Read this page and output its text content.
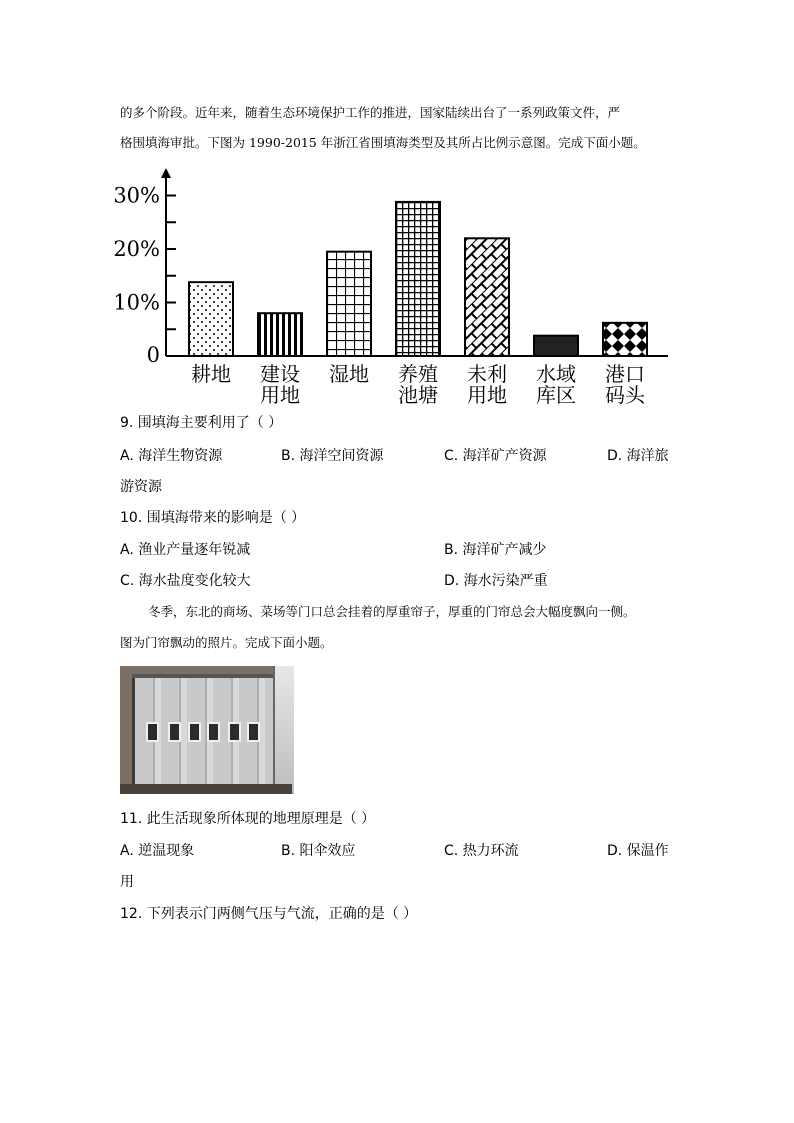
的多个阶段。近年来，随着生态环境保护工作的推进，国家陆续出台了一系列政策文件，严
格围填海审批。下图为 1990-2015 年浙江省围填海类型及其所占比例示意图。完成下面小题。
0
10%
20%
30%
耕地 建设
用地
湿地 养殖
池塘
未利
用地
水域
库区
港口
码头
9. 围填海主要利用了（ ）
A. 海洋生物资源	B. 海洋空间资源	C. 海洋矿产资源	D. 海洋旅
游资源
10. 围填海带来的影响是（ ）
A. 渔业产量逐年锐减	B. 海洋矿产减少
C. 海水盐度变化较大	D. 海水污染严重
冬季，东北的商场、菜场等门口总会挂着的厚重帘子，厚重的门帘总会大幅度飘向一侧。
图为门帘飘动的照片。完成下面小题。
11. 此生活现象所体现的地理原理是（ ）
A. 逆温现象	B. 阳伞效应	C. 热力环流	D. 保温作
用
12. 下列表示门两侧气压与气流，正确的是（ ）
